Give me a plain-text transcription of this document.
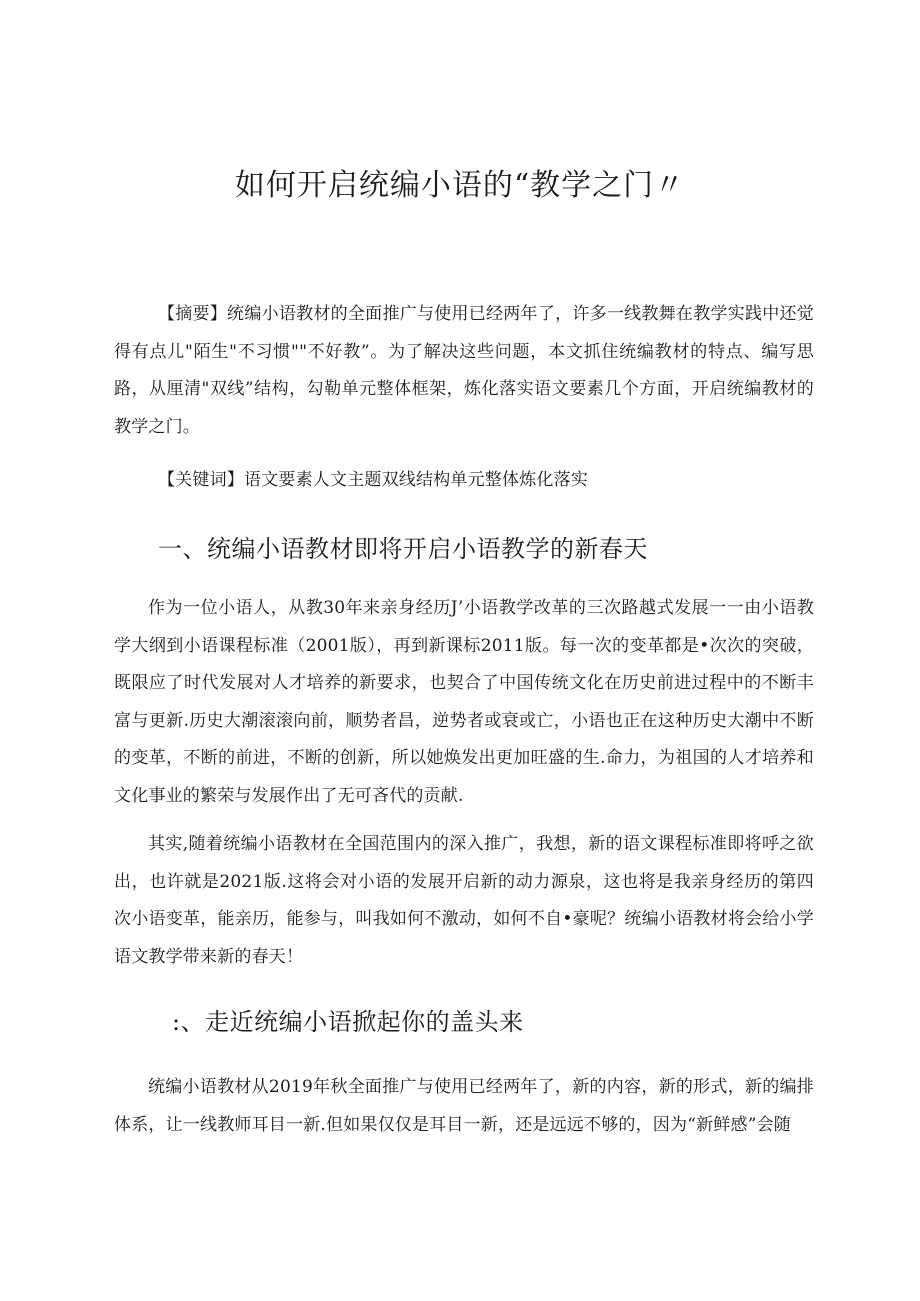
如何开启统编小语的“教学之门〃

【摘要】统编小语教材的全面推广与使用已经两年了，许多一线教舞在教学实践中还觉得有点儿"陌生"不习惯""不好教”。为了解决这些问题，本文抓住统编教材的特点、编写思路，从厘清"双线”结构，勾勒单元整体框架，炼化落实语文要素几个方面，开启统编教材的教学之门。

【关键词】语文要素人文主题双线结构单元整体炼化落实

一、统编小语教材即将开启小语教学的新春天

作为一位小语人，从教30年来亲身经历J’小语教学改革的三次路越式发展一一由小语教学大纲到小语课程标准（2001版），再到新课标2011版。每一次的变革都是•次次的突破，既限应了时代发展对人才培养的新要求，也契合了中国传统文化在历史前进过程中的不断丰富与更新.历史大潮滚滚向前，顺势者昌，逆势者或衰或亡，小语也正在这种历史大潮中不断的变革，不断的前进，不断的创新，所以她焕发出更加旺盛的生.命力，为祖国的人才培养和文化事业的繁荣与发展作出了无可吝代的贡献.

其实,随着统编小语教材在全国范围内的深入推广，我想，新的语文课程标准即将呼之欲出，也许就是2021版.这将会对小语的发展开启新的动力源泉，这也将是我亲身经历的第四次小语变革，能亲历，能参与，叫我如何不激动，如何不自•豪呢？统编小语教材将会给小学语文教学带来新的春天！

:、走近统编小语掀起你的盖头来

统编小语教材从2019年秋全面推广与使用已经两年了，新的内容，新的形式，新的编排体系，让一线教师耳目一新.但如果仅仅是耳目一新，还是远远不够的，因为“新鲜感”会随
